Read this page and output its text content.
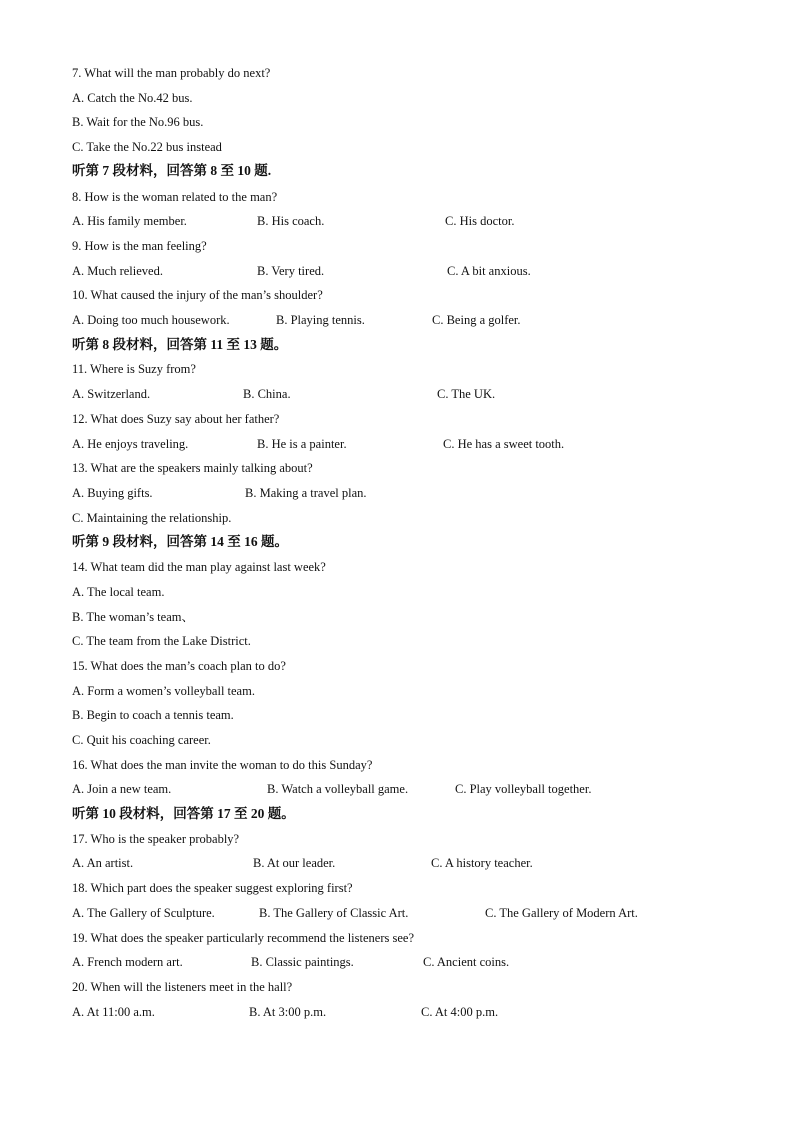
7. What will the man probably do next?
A. Catch the No.42 bus.
B. Wait for the No.96 bus.
C. Take the No.22 bus instead
听第 7 段材料，回答第 8 至 10 题.
8. How is the woman related to the man?
A. His family member.	B. His coach.	C. His doctor.
9. How is the man feeling?
A. Much relieved.	B. Very tired.	C. A bit anxious.
10. What caused the injury of the man’s shoulder?
A. Doing too much housework.	B. Playing tennis.	C. Being a golfer.
听第 8 段材料，回答第 11 至 13 题。
11. Where is Suzy from?
A. Switzerland.	B. China.	C. The UK.
12. What does Suzy say about her father?
A. He enjoys traveling.	B. He is a painter.	C. He has a sweet tooth.
13. What are the speakers mainly talking about?
A. Buying gifts.	B. Making a travel plan.
C. Maintaining the relationship.
听第 9 段材料，回答第 14 至 16 题。
14. What team did the man play against last week?
A. The local team.
B. The woman’s team、
C. The team from the Lake District.
15. What does the man’s coach plan to do?
A. Form a women’s volleyball team.
B. Begin to coach a tennis team.
C. Quit his coaching career.
16. What does the man invite the woman to do this Sunday?
A. Join a new team.	B. Watch a volleyball game.	C. Play volleyball together.
听第 10 段材料，回答第 17 至 20 题。
17. Who is the speaker probably?
A. An artist.	B. At our leader.	C. A history teacher.
18. Which part does the speaker suggest exploring first?
A. The Gallery of Sculpture.	B. The Gallery of Classic Art.	C. The Gallery of Modern Art.
19. What does the speaker particularly recommend the listeners see?
A. French modern art.	B. Classic paintings.	C. Ancient coins.
20. When will the listeners meet in the hall?
A. At 11:00 a.m.	B. At 3:00 p.m.	C. At 4:00 p.m.
